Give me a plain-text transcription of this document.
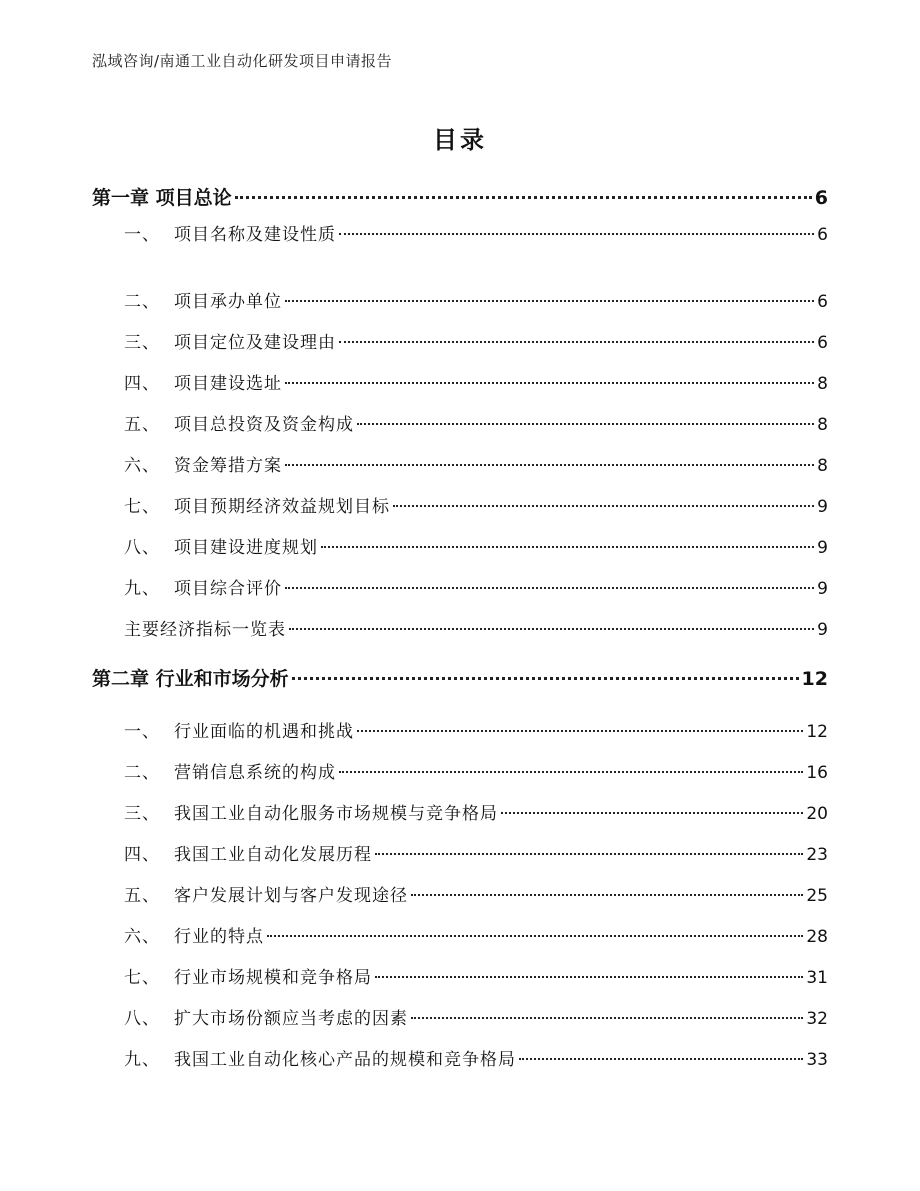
泓域咨询/南通工业自动化研发项目申请报告
目录
第一章 项目总论	6
一、 项目名称及建设性质	6
二、 项目承办单位	6
三、 项目定位及建设理由	6
四、 项目建设选址	8
五、 项目总投资及资金构成	8
六、 资金筹措方案	8
七、 项目预期经济效益规划目标	9
八、 项目建设进度规划	9
九、 项目综合评价	9
主要经济指标一览表	9
第二章 行业和市场分析	12
一、 行业面临的机遇和挑战	12
二、 营销信息系统的构成	16
三、 我国工业自动化服务市场规模与竞争格局	20
四、 我国工业自动化发展历程	23
五、 客户发展计划与客户发现途径	25
六、 行业的特点	28
七、 行业市场规模和竞争格局	31
八、 扩大市场份额应当考虑的因素	32
九、 我国工业自动化核心产品的规模和竞争格局	33
